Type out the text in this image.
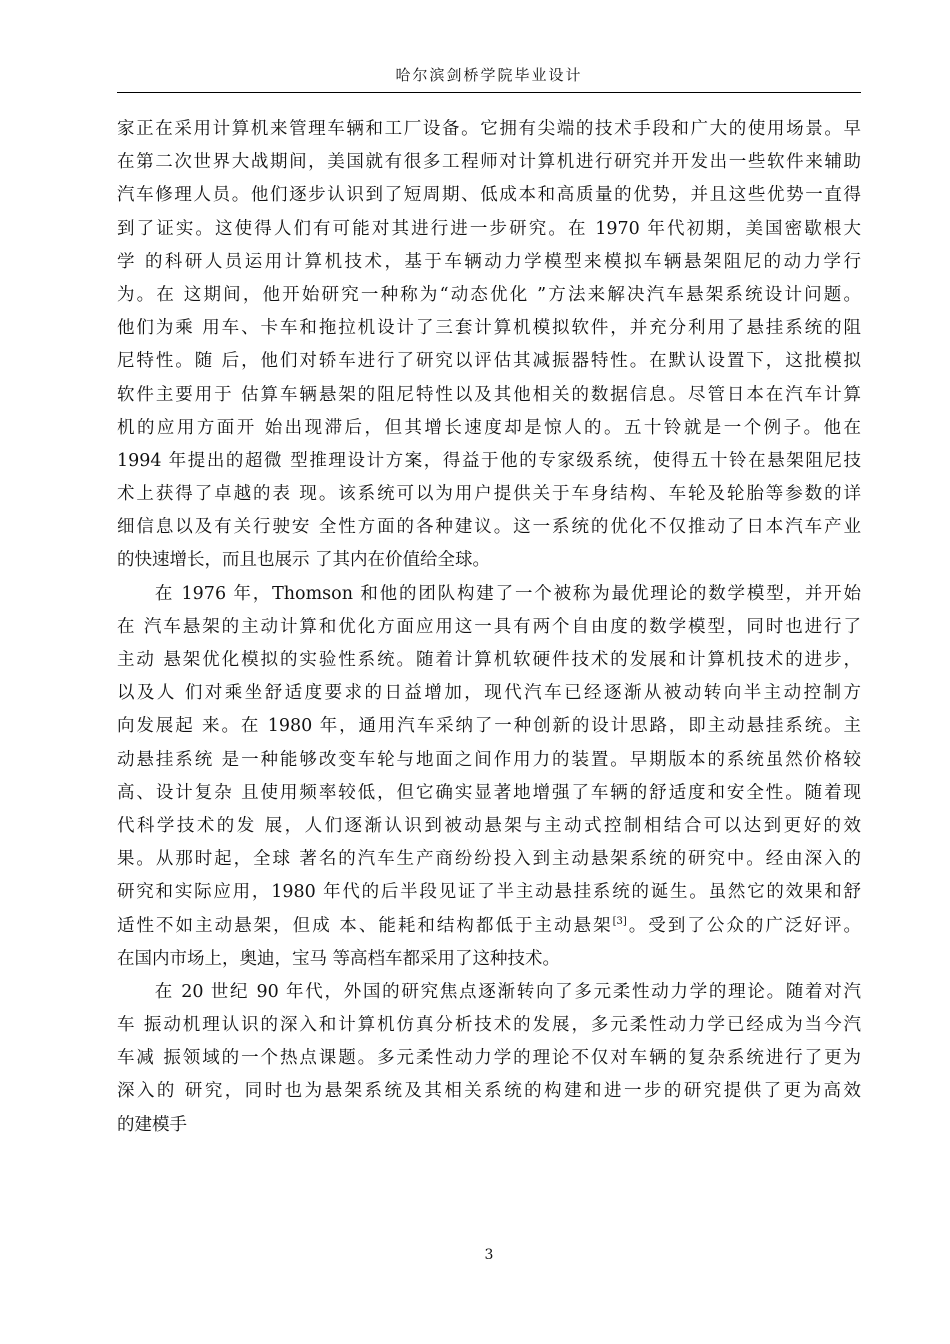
哈尔滨剑桥学院毕业设计
家正在采用计算机来管理车辆和工厂设备。它拥有尖端的技术手段和广大的使用场景。早
在第二次世界大战期间，美国就有很多工程师对计算机进行研究并开发出一些软件来辅助
汽车修理人员。他们逐步认识到了短周期、低成本和高质量的优势，并且这些优势一直得
到了证实。这使得人们有可能对其进行进一步研究。在 1970 年代初期，美国密歇根大
学 的科研人员运用计算机技术，基于车辆动力学模型来模拟车辆悬架阻尼的动力学行
为。在 这期间，他开始研究一种称为“动态优化 ”方法来解决汽车悬架系统设计问题。
他们为乘 用车、卡车和拖拉机设计了三套计算机模拟软件，并充分利用了悬挂系统的阻
尼特性。随 后，他们对轿车进行了研究以评估其减振器特性。在默认设置下，这批模拟
软件主要用于 估算车辆悬架的阻尼特性以及其他相关的数据信息。尽管日本在汽车计算
机的应用方面开 始出现滞后，但其增长速度却是惊人的。五十铃就是一个例子。他在
1994 年提出的超微 型推理设计方案，得益于他的专家级系统，使得五十铃在悬架阻尼技
术上获得了卓越的表 现。该系统可以为用户提供关于车身结构、车轮及轮胎等参数的详
细信息以及有关行驶安 全性方面的各种建议。这一系统的优化不仅推动了日本汽车产业
的快速增长，而且也展示 了其内在价值给全球。
在 1976 年，Thomson 和他的团队构建了一个被称为最优理论的数学模型，并开始
在 汽车悬架的主动计算和优化方面应用这一具有两个自由度的数学模型，同时也进行了
主动 悬架优化模拟的实验性系统。随着计算机软硬件技术的发展和计算机技术的进步，
以及人 们对乘坐舒适度要求的日益增加，现代汽车已经逐渐从被动转向半主动控制方
向发展起 来。在 1980 年，通用汽车采纳了一种创新的设计思路，即主动悬挂系统。主
动悬挂系统 是一种能够改变车轮与地面之间作用力的装置。早期版本的系统虽然价格较
高、设计复杂 且使用频率较低，但它确实显著地增强了车辆的舒适度和安全性。随着现
代科学技术的发 展，人们逐渐认识到被动悬架与主动式控制相结合可以达到更好的效
果。从那时起，全球 著名的汽车生产商纷纷投入到主动悬架系统的研究中。经由深入的
研究和实际应用，1980 年代的后半段见证了半主动悬挂系统的诞生。虽然它的效果和舒
适性不如主动悬架，但成 本、能耗和结构都低于主动悬架[3]。受到了公众的广泛好评。
在国内市场上，奥迪，宝马 等高档车都采用了这种技术。
在 20 世纪 90 年代，外国的研究焦点逐渐转向了多元柔性动力学的理论。随着对汽
车 振动机理认识的深入和计算机仿真分析技术的发展，多元柔性动力学已经成为当今汽
车减 振领域的一个热点课题。多元柔性动力学的理论不仅对车辆的复杂系统进行了更为
深入的 研究，同时也为悬架系统及其相关系统的构建和进一步的研究提供了更为高效
的建模手
3
